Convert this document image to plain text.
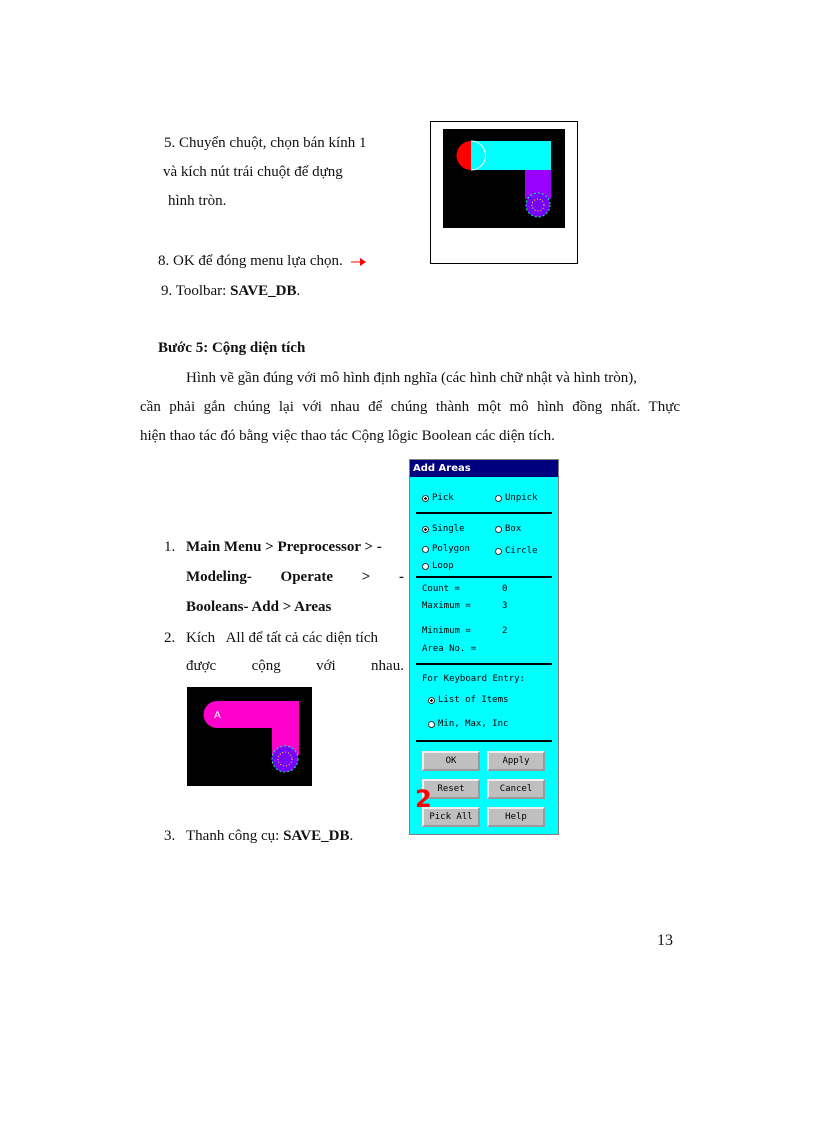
5. Chuyển chuột, chọn bán kính 1
và kích nút trái chuột để dựng
hình tròn.
8. OK để đóng menu lựa chọn.
9. Toolbar: SAVE_DB.
Bước 5: Cộng diện tích
Hình vẽ gần đúng với mô hình định nghĩa (các hình chữ nhật và hình tròn),
cần phải gắn chúng lại với nhau để chúng thành một mô hình đồng nhất. Thực
hiện thao tác đó bằng việc thao tác Cộng lôgic Boolean các diện tích.
1. Main Menu > Preprocessor > -
Modeling- Operate > -
Booleans- Add > Areas
2. Kích   All để tất cả các diện tích
được cộng với nhau.
A
3. Thanh công cụ: SAVE_DB.
Add Areas
Pick	Unpick
Single	Box
Polygon	Circle
Loop
Count =	0
Maximum =	3
Minimum =	2
Area No. =
For Keyboard Entry:
List of Items
Min, Max, Inc
OK	Apply
Reset	Cancel
Pick All	Help
2
13
